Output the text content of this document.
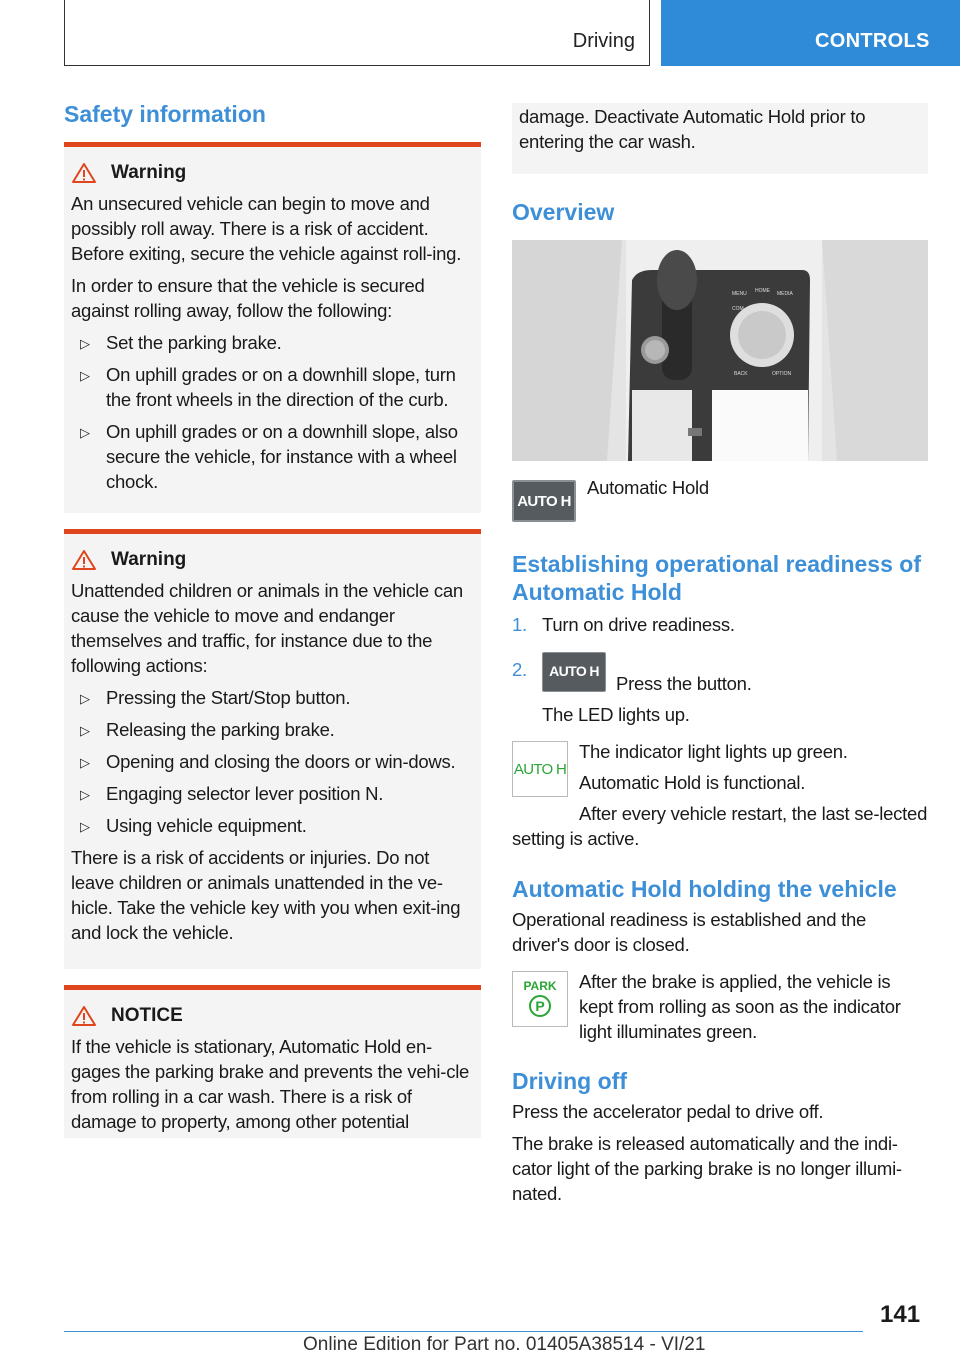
Driving	CONTROLS
Safety information
Warning

An unsecured vehicle can begin to move and possibly roll away. There is a risk of accident. Before exiting, secure the vehicle against roll-ing.

In order to ensure that the vehicle is secured against rolling away, follow the following:

▷ Set the parking brake.
▷ On uphill grades or on a downhill slope, turn the front wheels in the direction of the curb.
▷ On uphill grades or on a downhill slope, also secure the vehicle, for instance with a wheel chock.
Warning

Unattended children or animals in the vehicle can cause the vehicle to move and endanger themselves and traffic, for instance due to the following actions:

▷ Pressing the Start/Stop button.
▷ Releasing the parking brake.
▷ Opening and closing the doors or win-dows.
▷ Engaging selector lever position N.
▷ Using vehicle equipment.

There is a risk of accidents or injuries. Do not leave children or animals unattended in the ve-hicle. Take the vehicle key with you when exit-ing and lock the vehicle.

NOTICE

If the vehicle is stationary, Automatic Hold en-gages the parking brake and prevents the vehi-cle from rolling in a car wash. There is a risk of damage to property, among other potential

damage. Deactivate Automatic Hold prior to entering the car wash.

Overview
MENU HOME
COM
MEDIA
BACK	OPTION
AUTO H

Automatic Hold

Establishing operational readiness of Automatic Hold
1. Turn on drive readiness.
2. AUTO H
Press the button.

The LED lights up.

AUTO H

The indicator light lights up green.

Automatic Hold is functional.

After every vehicle restart, the last se-lected setting is active.

Automatic Hold holding the vehicle

Operational readiness is established and the driver's door is closed.

PARK
P

After the brake is applied, the vehicle is kept from rolling as soon as the indicator light illuminates green.

Driving off

Press the accelerator pedal to drive off.

The brake is released automatically and the indi-cator light of the parking brake is no longer illumi-nated.

141
Online Edition for Part no. 01405A38514 - VI/21
